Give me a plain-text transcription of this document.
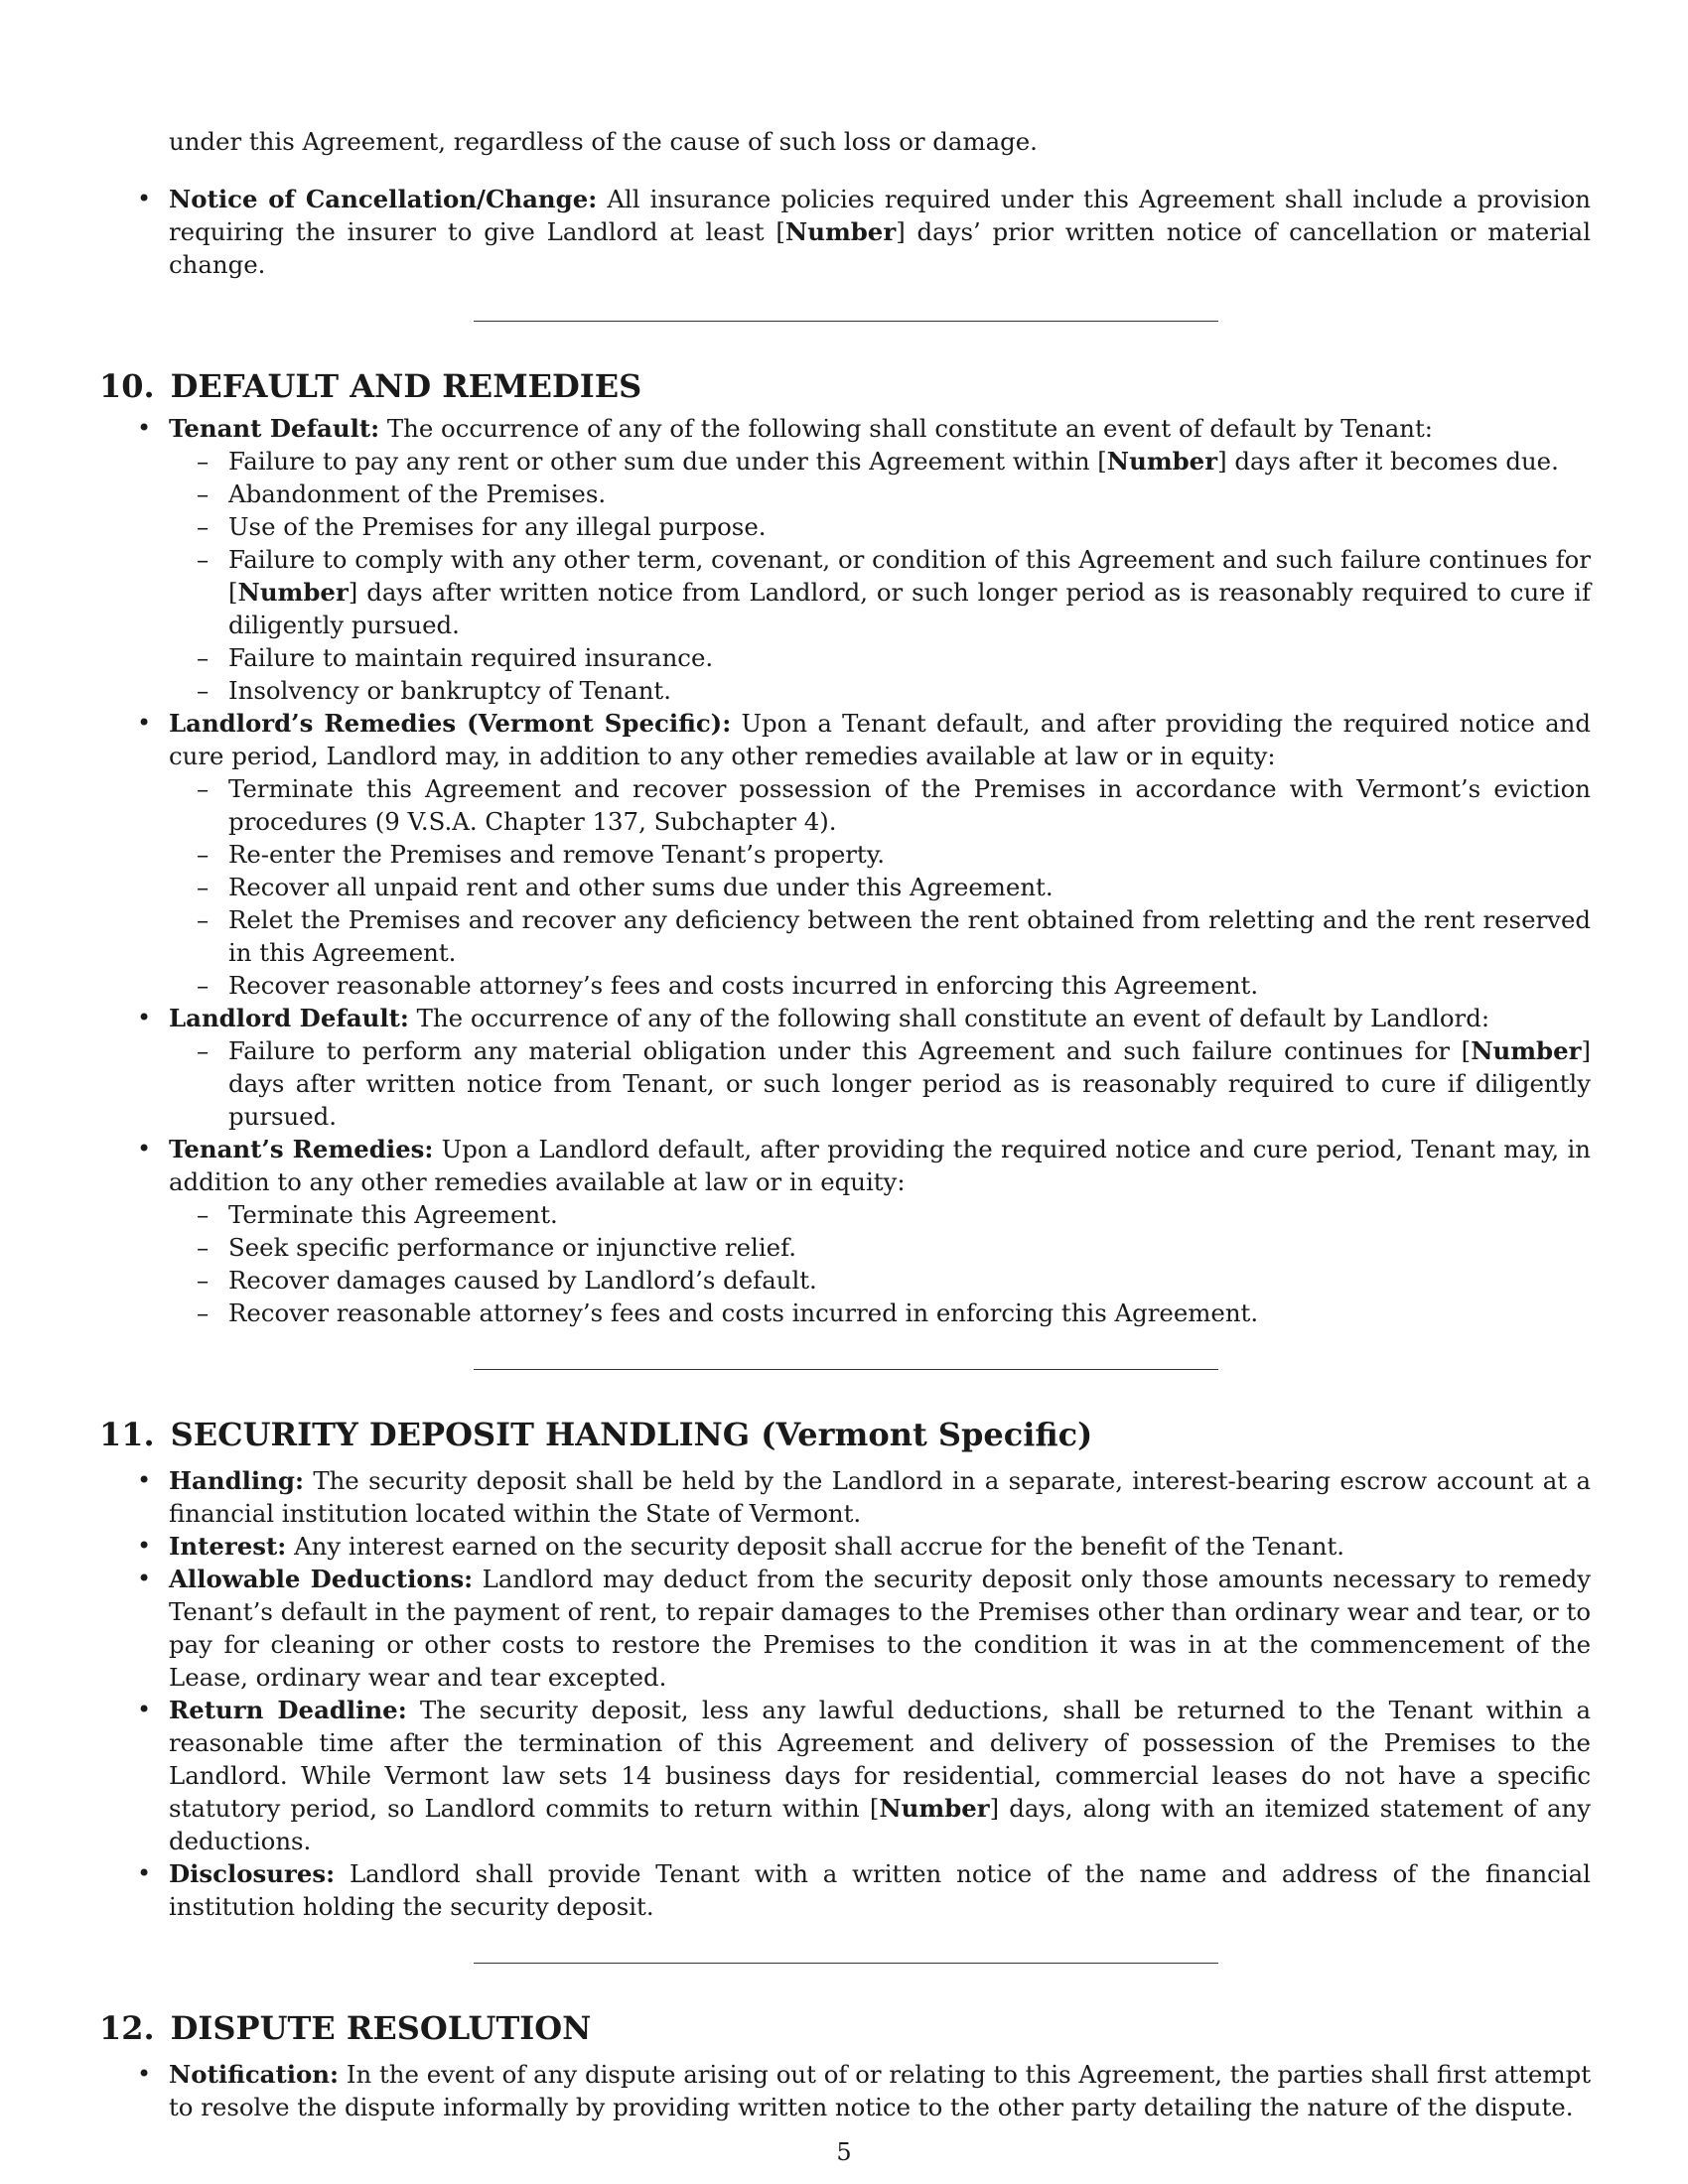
under this Agreement, regardless of the cause of such loss or damage.

• Notice of Cancellation/Change: All insurance policies required under this Agreement shall include a provision requiring the insurer to give Landlord at least [Number] days’ prior written notice of cancellation or material change.
10. DEFAULT AND REMEDIES
• Tenant Default: The occurrence of any of the following shall constitute an event of default by Tenant:
– Failure to pay any rent or other sum due under this Agreement within [Number] days after it becomes due.
– Abandonment of the Premises.
– Use of the Premises for any illegal purpose.
– Failure to comply with any other term, covenant, or condition of this Agreement and such failure continues for [Number] days after written notice from Landlord, or such longer period as is reasonably required to cure if diligently pursued.
– Failure to maintain required insurance.
– Insolvency or bankruptcy of Tenant.
• Landlord’s Remedies (Vermont Specific): Upon a Tenant default, and after providing the required notice and cure period, Landlord may, in addition to any other remedies available at law or in equity:
– Terminate this Agreement and recover possession of the Premises in accordance with Vermont’s eviction procedures (9 V.S.A. Chapter 137, Subchapter 4).
– Re-enter the Premises and remove Tenant’s property.
– Recover all unpaid rent and other sums due under this Agreement.
– Relet the Premises and recover any deficiency between the rent obtained from reletting and the rent reserved in this Agreement.
– Recover reasonable attorney’s fees and costs incurred in enforcing this Agreement.
• Landlord Default: The occurrence of any of the following shall constitute an event of default by Landlord:
– Failure to perform any material obligation under this Agreement and such failure continues for [Number] days after written notice from Tenant, or such longer period as is reasonably required to cure if diligently pursued.
• Tenant’s Remedies: Upon a Landlord default, after providing the required notice and cure period, Tenant may, in addition to any other remedies available at law or in equity:
– Terminate this Agreement.
– Seek specific performance or injunctive relief.
– Recover damages caused by Landlord’s default.
– Recover reasonable attorney’s fees and costs incurred in enforcing this Agreement.
11. SECURITY DEPOSIT HANDLING (Vermont Specific)
• Handling: The security deposit shall be held by the Landlord in a separate, interest-bearing escrow account at a financial institution located within the State of Vermont.
• Interest: Any interest earned on the security deposit shall accrue for the benefit of the Tenant.
• Allowable Deductions: Landlord may deduct from the security deposit only those amounts necessary to remedy Tenant’s default in the payment of rent, to repair damages to the Premises other than ordinary wear and tear, or to pay for cleaning or other costs to restore the Premises to the condition it was in at the commencement of the Lease, ordinary wear and tear excepted.
• Return Deadline: The security deposit, less any lawful deductions, shall be returned to the Tenant within a reasonable time after the termination of this Agreement and delivery of possession of the Premises to the Landlord. While Vermont law sets 14 business days for residential, commercial leases do not have a specific statutory period, so Landlord commits to return within [Number] days, along with an itemized statement of any deductions.
• Disclosures: Landlord shall provide Tenant with a written notice of the name and address of the financial institution holding the security deposit.
12. DISPUTE RESOLUTION
• Notification: In the event of any dispute arising out of or relating to this Agreement, the parties shall first attempt to resolve the dispute informally by providing written notice to the other party detailing the nature of the dispute.
5
